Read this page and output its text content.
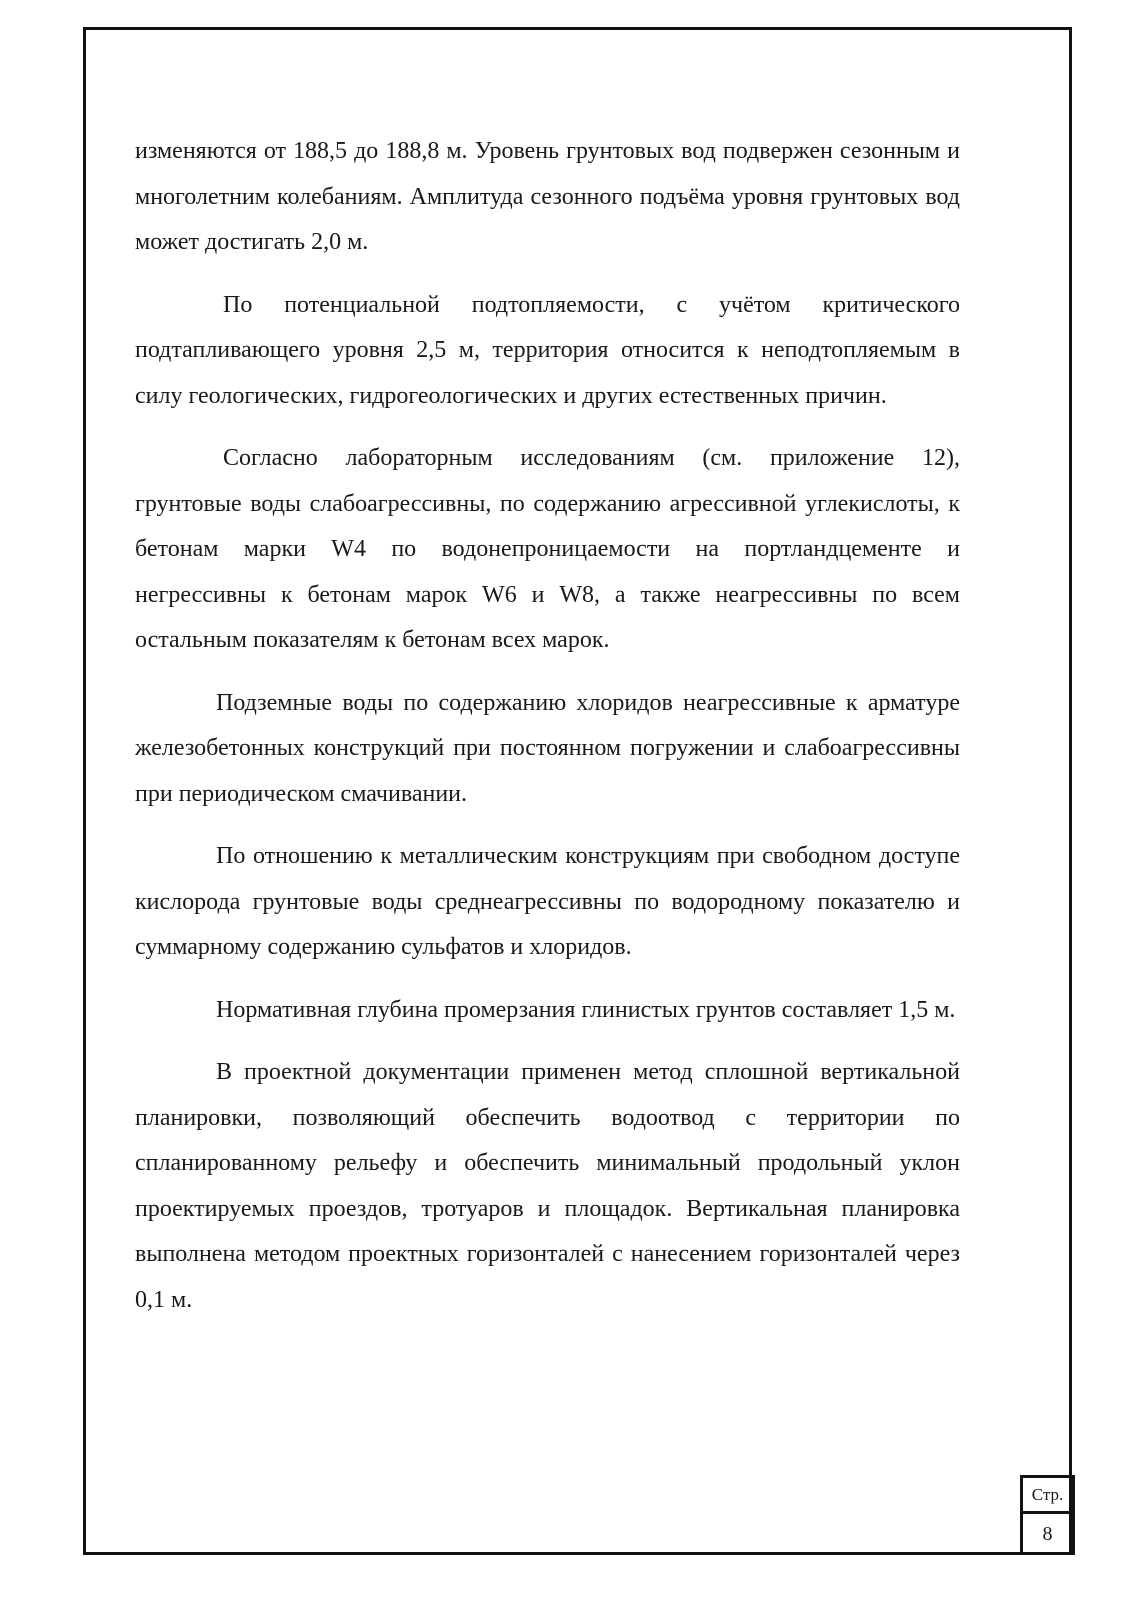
изменяются от 188,5 до 188,8 м. Уровень грунтовых вод подвержен сезонным и многолетним колебаниям. Амплитуда сезонного подъёма уровня грунтовых вод может достигать 2,0 м.

По потенциальной подтопляемости, с учётом критического подтапливающего уровня 2,5 м, территория относится к неподтопляемым в силу геологических, гидрогеологических и других естественных причин.

Согласно лабораторным исследованиям (см. приложение 12), грунтовые воды слабоагрессивны, по содержанию агрессивной углекислоты, к бетонам марки W4 по водонепроницаемости на портландцементе и негрессивны к бетонам марок W6 и W8, а также неагрессивны по всем остальным показателям к бетонам всех марок.

Подземные воды по содержанию хлоридов неагрессивные к арматуре железобетонных конструкций при постоянном погружении и слабоагрессивны при периодическом смачивании.

По отношению к металлическим конструкциям при свободном доступе кислорода грунтовые воды среднеагрессивны по водородному показателю и суммарному содержанию сульфатов и хлоридов.

Нормативная глубина промерзания глинистых грунтов составляет 1,5 м.

В проектной документации применен метод сплошной вертикальной планировки, позволяющий обеспечить водоотвод с территории по спланированному рельефу и обеспечить минимальный продольный уклон проектируемых проездов, тротуаров и площадок. Вертикальная планировка выполнена методом проектных горизонталей с нанесением горизонталей через 0,1 м.

Стр.
8
